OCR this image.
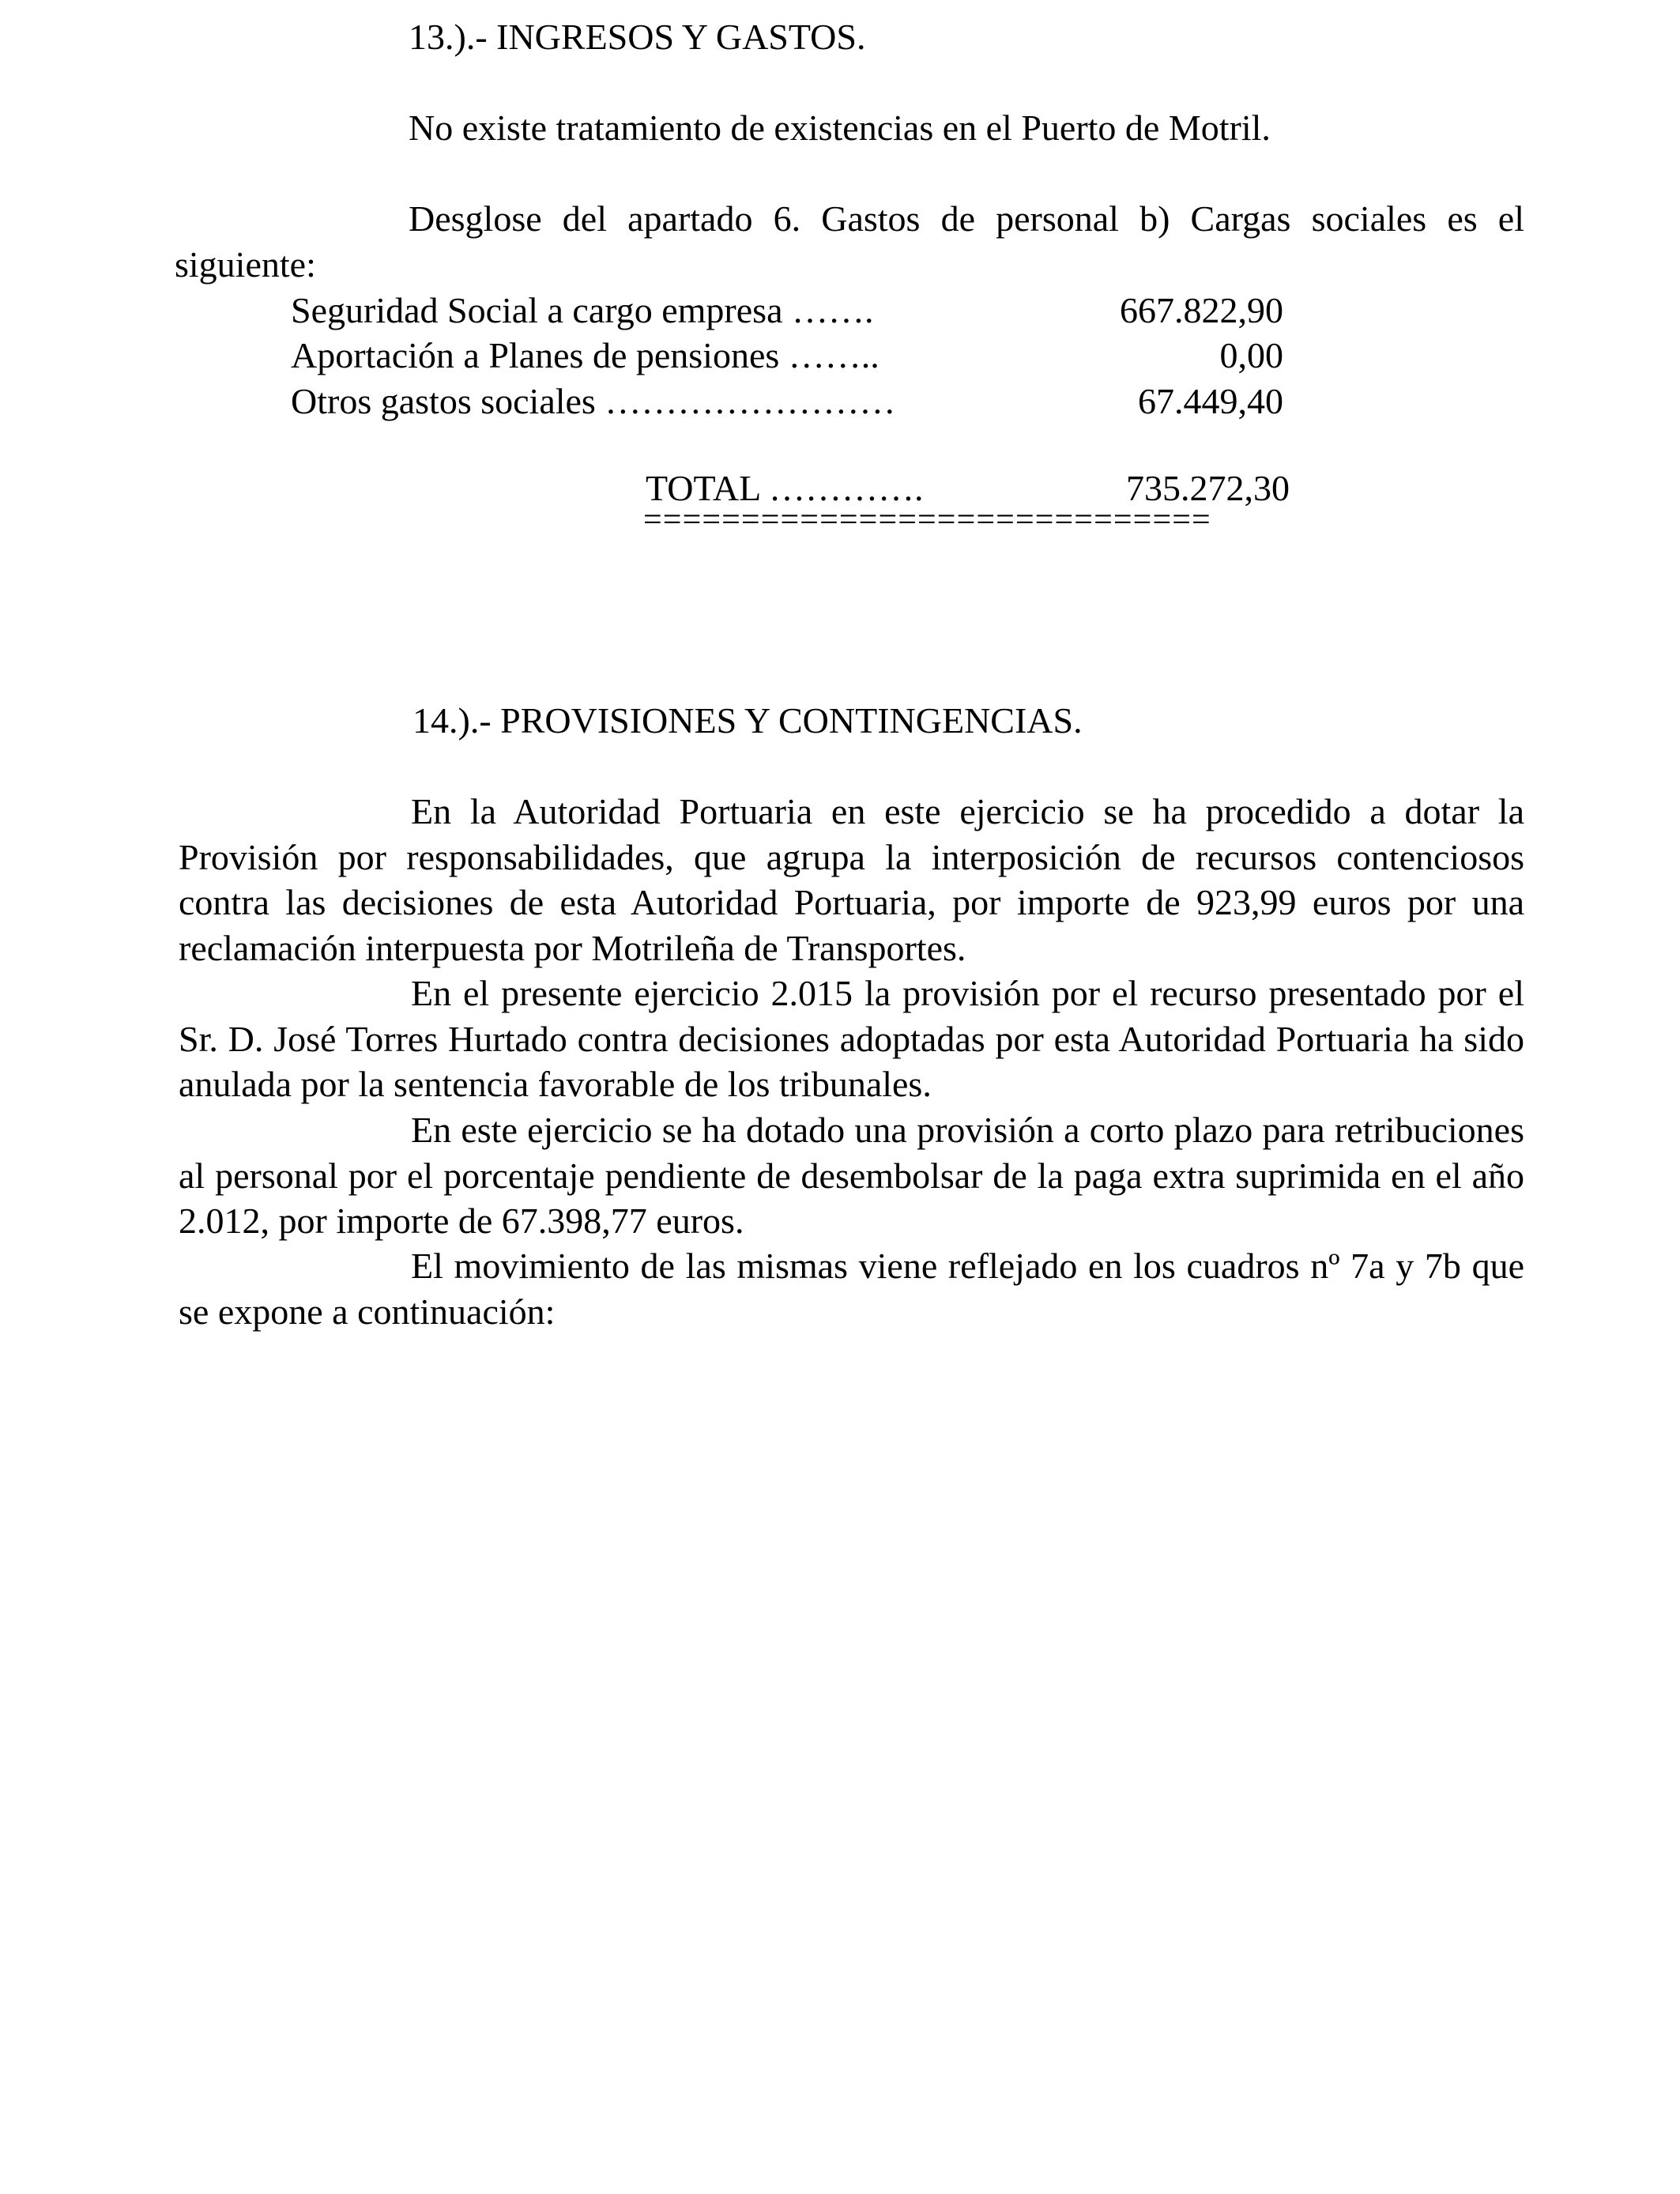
13.).- INGRESOS Y GASTOS.
No existe tratamiento de existencias en el Puerto de Motril.
Desglose del apartado 6. Gastos de personal b) Cargas sociales es el
siguiente:
Seguridad Social a cargo empresa …….	667.822,90
Aportación a Planes de pensiones ……..	0,00
Otros gastos sociales ……………………	67.449,40
TOTAL ………….	735.272,30
=============================
14.).- PROVISIONES Y CONTINGENCIAS.
En la Autoridad Portuaria en este ejercicio se ha procedido a dotar la Provisión por responsabilidades, que agrupa la interposición de recursos contenciosos contra las decisiones de esta Autoridad Portuaria, por importe de 923,99 euros por una reclamación interpuesta por Motrileña de Transportes.
En el presente ejercicio 2.015 la provisión por el recurso presentado por el Sr. D. José Torres Hurtado contra decisiones adoptadas por esta Autoridad Portuaria ha sido anulada por la sentencia favorable de los tribunales.
En este ejercicio se ha dotado una provisión a corto plazo para retribuciones al personal por el porcentaje pendiente de desembolsar de la paga extra suprimida en el año 2.012, por importe de 67.398,77 euros.
El movimiento de las mismas viene reflejado en los cuadros nº 7a y 7b que se expone a continuación:
